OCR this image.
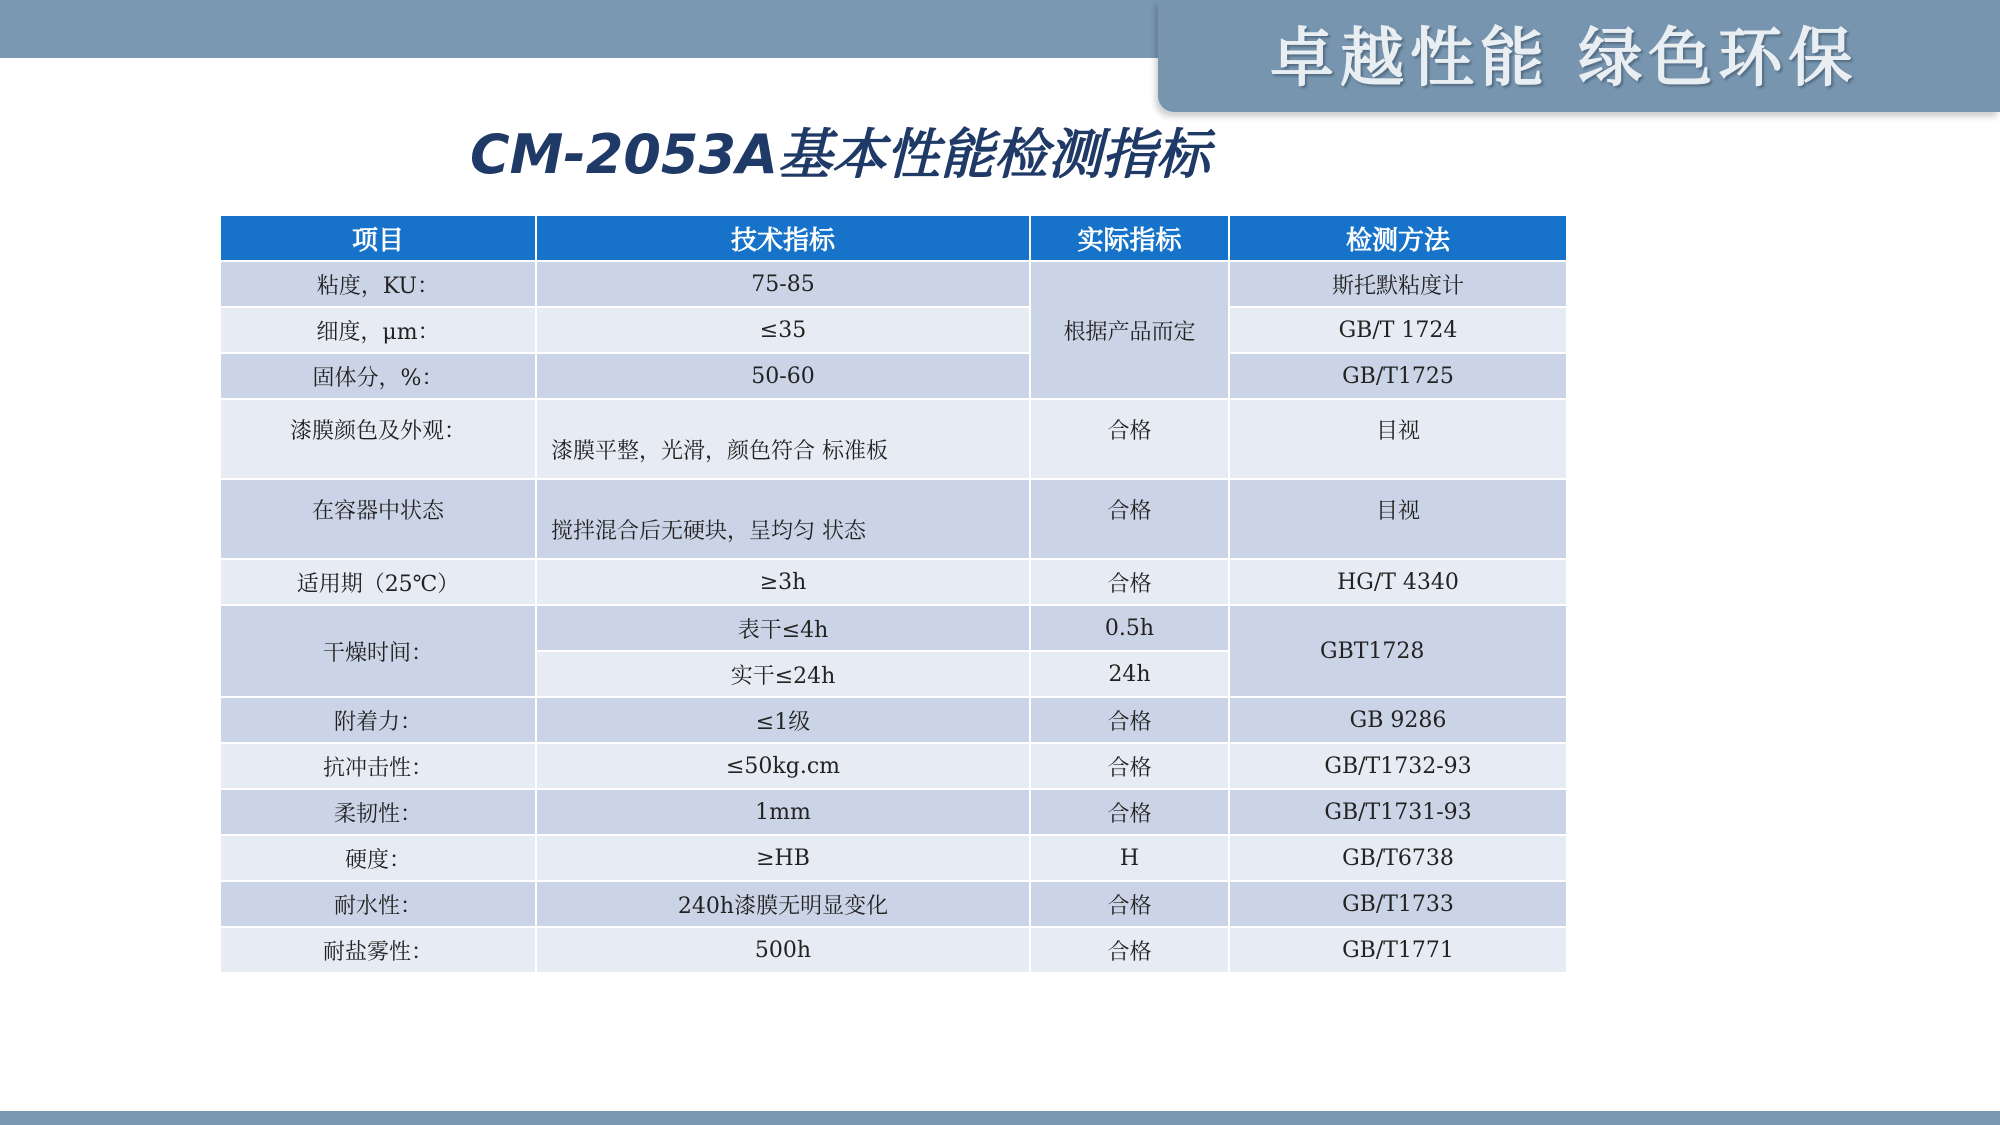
卓越性能 绿色环保
CM-2053A基本性能检测指标
项目	技术指标	实际指标	检测方法
粘度，KU：	75-85	根据产品而定	斯托默粘度计
细度，μm：	≤35		GB/T 1724
固体分，%：	50-60		GB/T1725
漆膜颜色及外观：	漆膜平整，光滑，颜色符合 标准板	合格	目视
在容器中状态	搅拌混合后无硬块，呈均匀 状态	合格	目视
适用期（25℃）	≥3h	合格	HG/T 4340
干燥时间：	表干≤4h	0.5h	GBT1728
	实干≤24h	24h	
附着力：	≤1级	合格	GB 9286
抗冲击性：	≤50kg.cm	合格	GB/T1732-93
柔韧性：	1mm	合格	GB/T1731-93
硬度：	≥HB	H	GB/T6738
耐水性：	240h漆膜无明显变化	合格	GB/T1733
耐盐雾性：	500h	合格	GB/T1771
